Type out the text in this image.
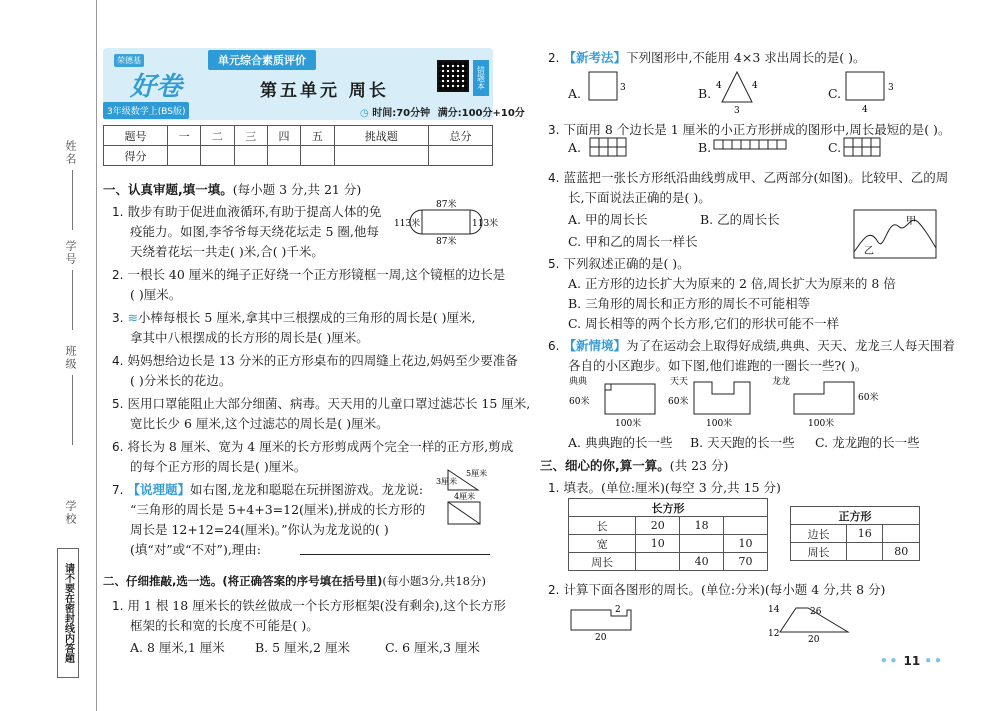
姓名
学号
班级
学校
请不要在密封线内答题
荣德基
好卷
3年级数学上(BS版)
单元综合素质评价
第五单元 周长
◷ 时间:70分钟 满分:100分+10分
错题本
题号	一	二	三	四	五	挑战题	总分
得分							
一、认真审题,填一填。(每小题 3 分,共 21 分)
1. 散步有助于促进血液循环,有助于提高人体的免
疫能力。如图,李爷爷每天绕花坛走 5 圈,他每
天绕着花坛一共走( )米,合( )千米。
87米
113米	113米
87米
2. 一根长 40 厘米的绳子正好绕一个正方形镜框一周,这个镜框的边长是
( )厘米。
3. ≋小棒每根长 5 厘米,拿其中三根摆成的三角形的周长是( )厘米,
拿其中八根摆成的长方形的周长是( )厘米。
4. 妈妈想给边长是 13 分米的正方形桌布的四周缝上花边,妈妈至少要准备
( )分米长的花边。
5. 医用口罩能阻止大部分细菌、病毒。天天用的儿童口罩过滤芯长 15 厘米,
宽比长少 6 厘米,这个过滤芯的周长是( )厘米。
6. 将长为 8 厘米、宽为 4 厘米的长方形剪成两个完全一样的正方形,剪成
的每个正方形的周长是( )厘米。
7. 【说理题】如右图,龙龙和聪聪在玩拼图游戏。龙龙说:
“三角形的周长是 5+4+3=12(厘米),拼成的长方形的
周长是 12+12=24(厘米)。”你认为龙龙说的( )
(填“对”或“不对”),理由:
3厘米
5厘米
4厘米
二、仔细推敲,选一选。(将正确答案的序号填在括号里)(每小题3分,共18分)
1. 用 1 根 18 厘米长的铁丝做成一个长方形框架(没有剩余),这个长方形
框架的长和宽的长度不可能是( )。
A. 8 厘米,1 厘米 B. 5 厘米,2 厘米	C. 6 厘米,3 厘米
2. 【新考法】下列图形中,不能用 4×3 求出周长的是( )。
A.	3	B. 4	4
3
C.	3
4
3. 下面用 8 个边长是 1 厘米的小正方形拼成的图形中,周长最短的是( )。
A.	B.	C.
4. 蓝蓝把一张长方形纸沿曲线剪成甲、乙两部分(如图)。比较甲、乙的周
长,下面说法正确的是( )。
A. 甲的周长长	B. 乙的周长长
C. 甲和乙的周长一样长
甲
乙
5. 下列叙述正确的是( )。
A. 正方形的边长扩大为原来的 2 倍,周长扩大为原来的 8 倍
B. 三角形的周长和正方形的周长不可能相等
C. 周长相等的两个长方形,它们的形状可能不一样
6. 【新情境】为了在运动会上取得好成绩,典典、天天、龙龙三人每天围着
各自的小区跑步。如下图,他们谁跑的一圈长一些?( )。
典典
60米
100米
天天
60米
100米
龙龙
60米
100米
A. 典典跑的长一些 B. 天天跑的长一些 C. 龙龙跑的长一些
三、细心的你,算一算。(共 23 分)
1. 填表。(单位:厘米)(每空 3 分,共 15 分)
长方形			
长	20	18	
宽	10		10
周长		40	70
正方形		
边长	16	
周长		80
2. 计算下面各图形的周长。(单位:分米)(每小题 4 分,共 8 分)
2
20
14	26
12
20
•• 11 ••
